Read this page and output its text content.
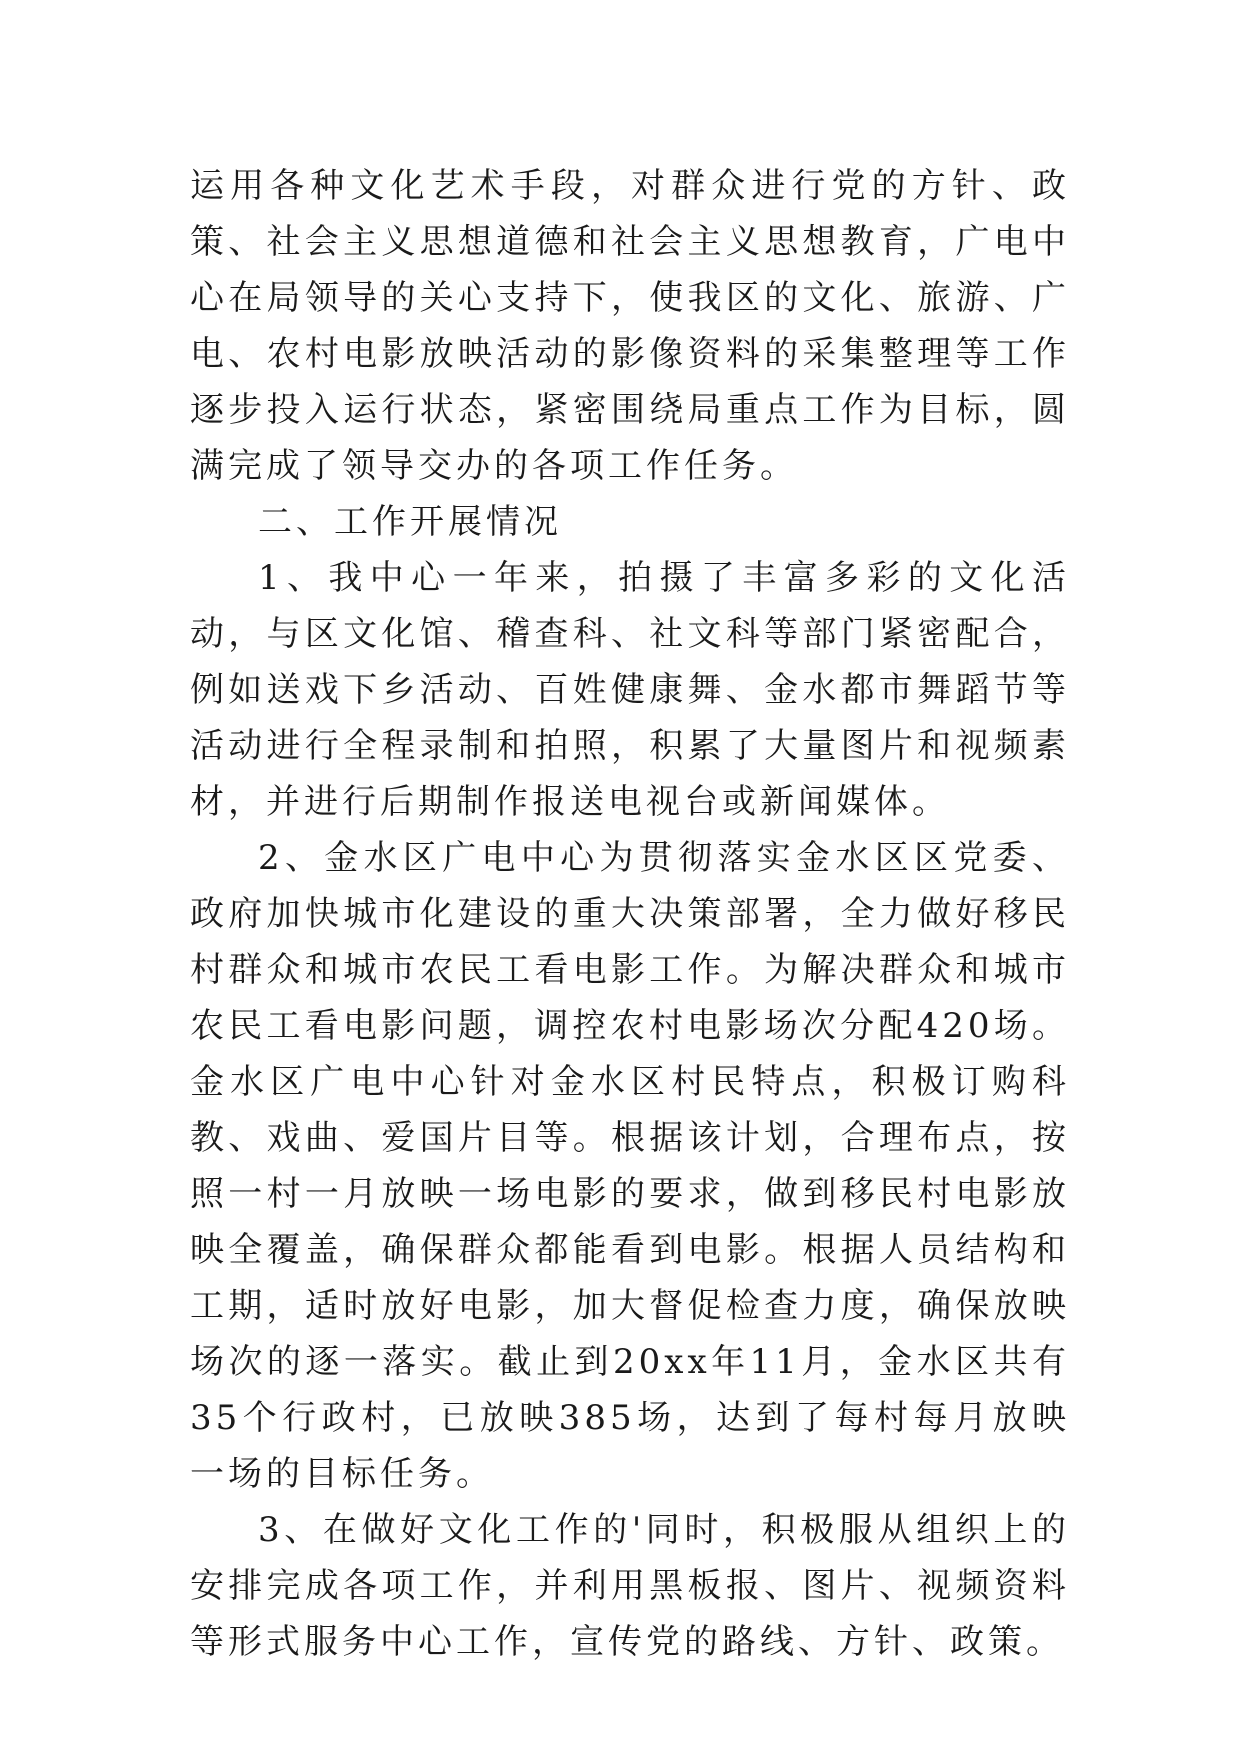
运用各种文化艺术手段，对群众进行党的方针、政策、社会主义思想道德和社会主义思想教育，广电中心在局领导的关心支持下，使我区的文化、旅游、广电、农村电影放映活动的影像资料的采集整理等工作逐步投入运行状态，紧密围绕局重点工作为目标，圆满完成了领导交办的各项工作任务。

二、工作开展情况

1、我中心一年来，拍摄了丰富多彩的文化活动，与区文化馆、稽查科、社文科等部门紧密配合，例如送戏下乡活动、百姓健康舞、金水都市舞蹈节等活动进行全程录制和拍照，积累了大量图片和视频素材，并进行后期制作报送电视台或新闻媒体。

2、金水区广电中心为贯彻落实金水区区党委、政府加快城市化建设的重大决策部署，全力做好移民村群众和城市农民工看电影工作。为解决群众和城市农民工看电影问题，调控农村电影场次分配420场。金水区广电中心针对金水区村民特点，积极订购科教、戏曲、爱国片目等。根据该计划，合理布点，按照一村一月放映一场电影的要求，做到移民村电影放映全覆盖，确保群众都能看到电影。根据人员结构和工期，适时放好电影，加大督促检查力度，确保放映场次的逐一落实。截止到20xx年11月，金水区共有35个行政村，已放映385场，达到了每村每月放映一场的目标任务。

3、在做好文化工作的'同时，积极服从组织上的安排完成各项工作，并利用黑板报、图片、视频资料等形式服务中心工作，宣传党的路线、方针、政策。
